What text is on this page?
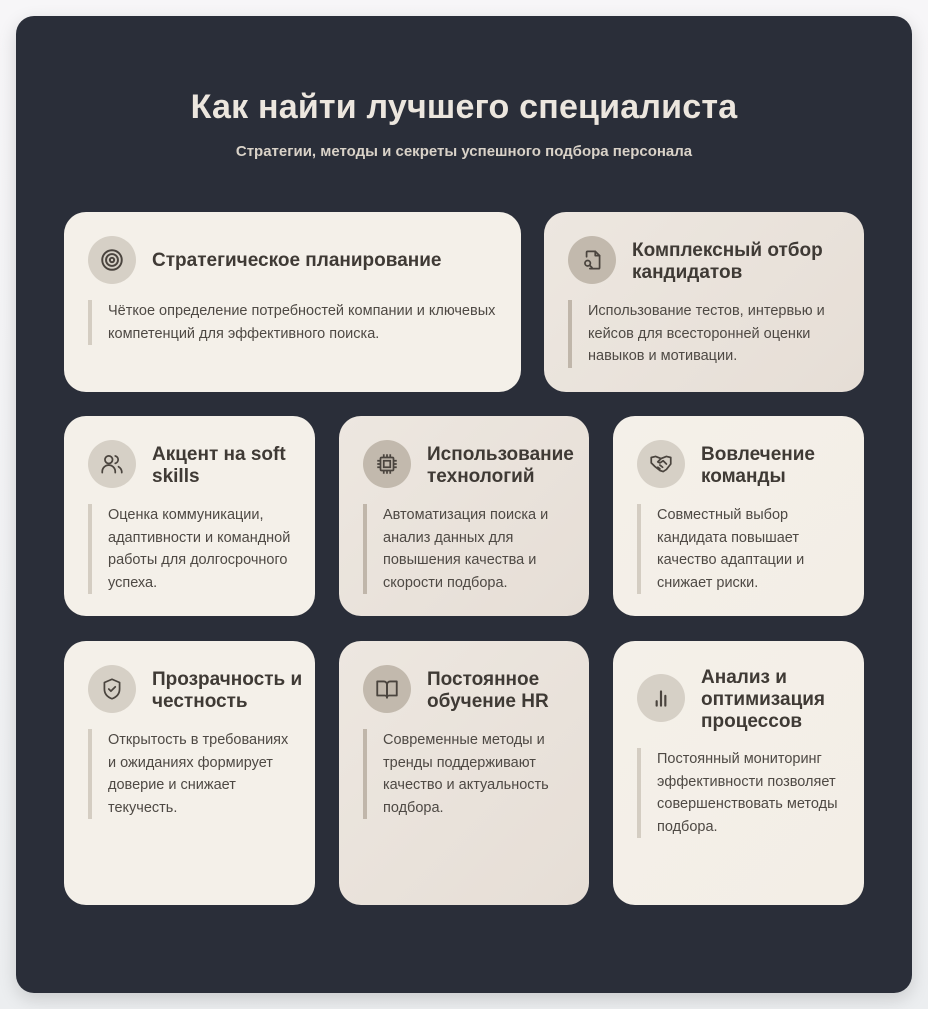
Как найти лучшего специалиста
Стратегии, методы и секреты успешного подбора персонала
Стратегическое планирование
Чёткое определение потребностей компании и ключевых компетенций для эффективного поиска.
Комплексный отбор кандидатов
Использование тестов, интервью и кейсов для всесторонней оценки навыков и мотивации.
Акцент на soft skills
Оценка коммуникации, адаптивности и командной работы для долгосрочного успеха.
Использование технологий
Автоматизация поиска и анализ данных для повышения качества и скорости подбора.
Вовлечение команды
Совместный выбор кандидата повышает качество адаптации и снижает риски.
Прозрачность и честность
Открытость в требованиях и ожиданиях формирует доверие и снижает текучесть.
Постоянное обучение HR
Современные методы и тренды поддерживают качество и актуальность подбора.
Анализ и оптимизация процессов
Постоянный мониторинг эффективности позволяет совершенствовать методы подбора.
